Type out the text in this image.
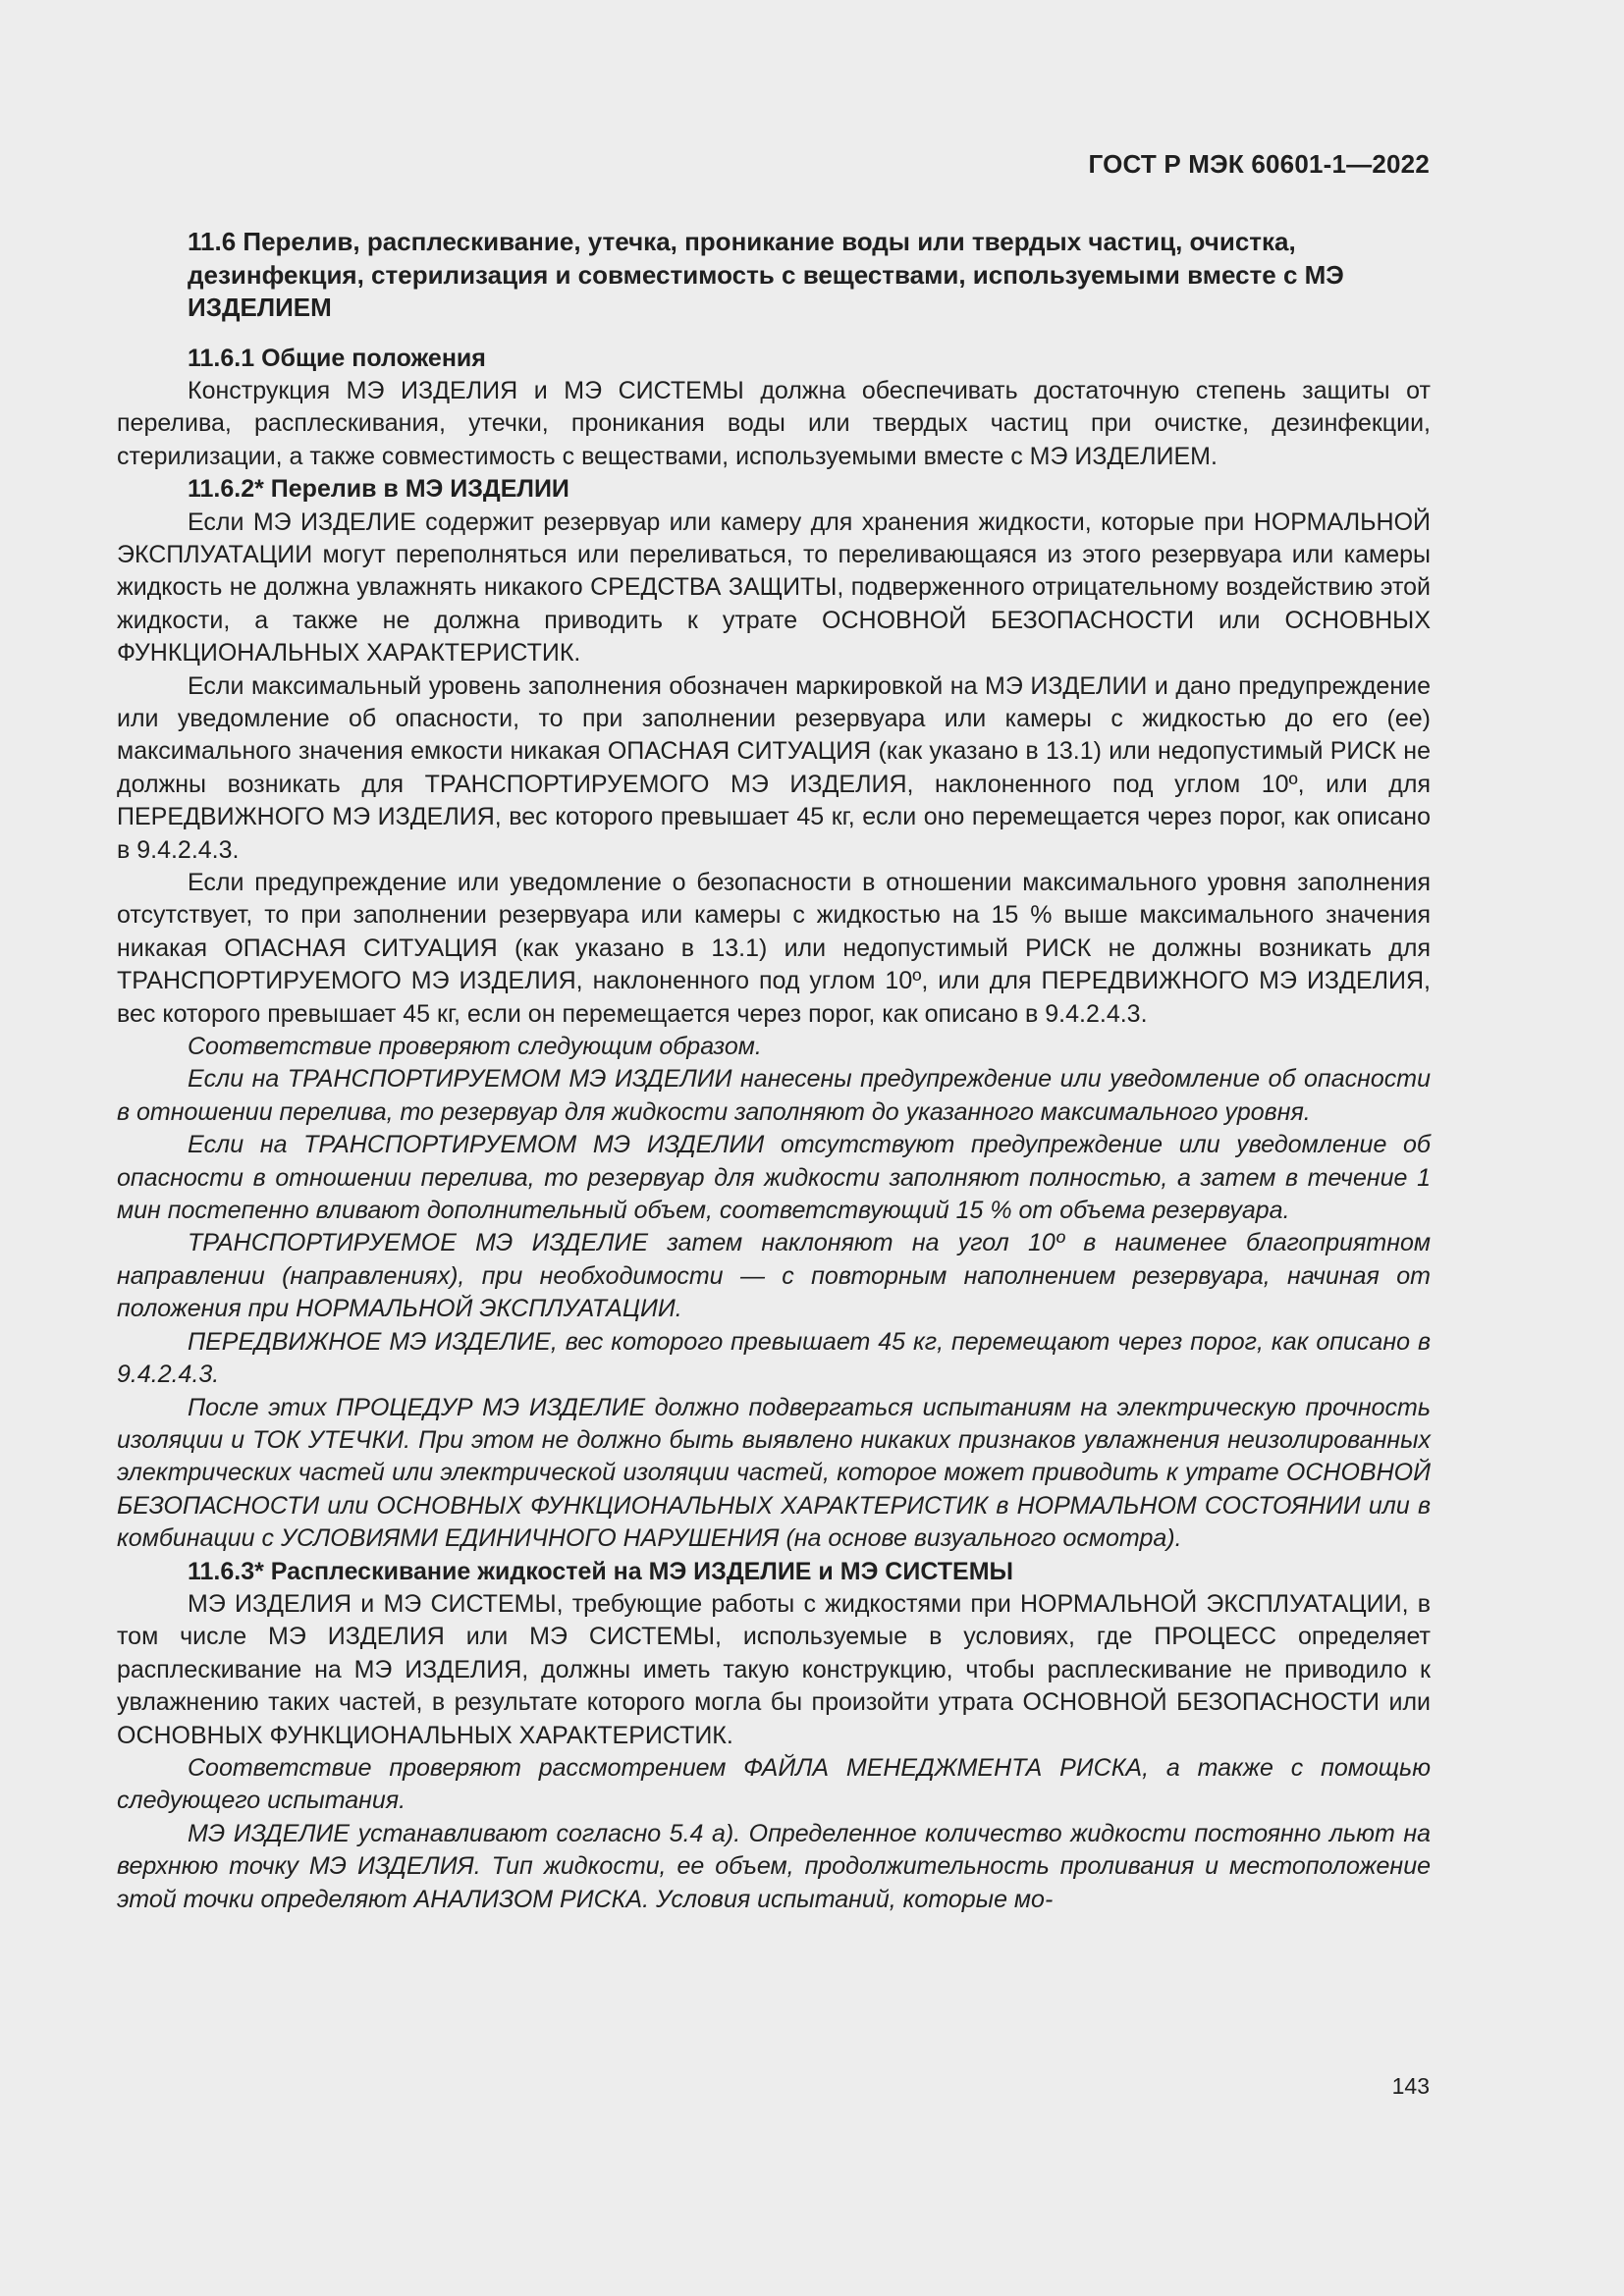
ГОСТ Р МЭК 60601-1—2022

11.6 Перелив, расплескивание, утечка, проникание воды или твердых частиц, очистка, дезинфекция, стерилизация и совместимость с веществами, используемыми вместе с МЭ ИЗДЕЛИЕМ

11.6.1 Общие положения

Конструкция МЭ ИЗДЕЛИЯ и МЭ СИСТЕМЫ должна обеспечивать достаточную степень защиты от перелива, расплескивания, утечки, проникания воды или твердых частиц при очистке, дезинфекции, стерилизации, а также совместимость с веществами, используемыми вместе с МЭ ИЗДЕЛИЕМ.

11.6.2* Перелив в МЭ ИЗДЕЛИИ

Если МЭ ИЗДЕЛИЕ содержит резервуар или камеру для хранения жидкости, которые при НОРМАЛЬНОЙ ЭКСПЛУАТАЦИИ могут переполняться или переливаться, то переливающаяся из этого резервуара или камеры жидкость не должна увлажнять никакого СРЕДСТВА ЗАЩИТЫ, подверженного отрицательному воздействию этой жидкости, а также не должна приводить к утрате ОСНОВНОЙ БЕЗОПАСНОСТИ или ОСНОВНЫХ ФУНКЦИОНАЛЬНЫХ ХАРАКТЕРИСТИК.

Если максимальный уровень заполнения обозначен маркировкой на МЭ ИЗДЕЛИИ и дано предупреждение или уведомление об опасности, то при заполнении резервуара или камеры с жидкостью до его (ее) максимального значения емкости никакая ОПАСНАЯ СИТУАЦИЯ (как указано в 13.1) или недопустимый РИСК не должны возникать для ТРАНСПОРТИРУЕМОГО МЭ ИЗДЕЛИЯ, наклоненного под углом 10º, или для ПЕРЕДВИЖНОГО МЭ ИЗДЕЛИЯ, вес которого превышает 45 кг, если оно перемещается через порог, как описано в 9.4.2.4.3.

Если предупреждение или уведомление о безопасности в отношении максимального уровня заполнения отсутствует, то при заполнении резервуара или камеры с жидкостью на 15 % выше максимального значения никакая ОПАСНАЯ СИТУАЦИЯ (как указано в 13.1) или недопустимый РИСК не должны возникать для ТРАНСПОРТИРУЕМОГО МЭ ИЗДЕЛИЯ, наклоненного под углом 10º, или для ПЕРЕДВИЖНОГО МЭ ИЗДЕЛИЯ, вес которого превышает 45 кг, если он перемещается через порог, как описано в 9.4.2.4.3.

Соответствие проверяют следующим образом.

Если на ТРАНСПОРТИРУЕМОМ МЭ ИЗДЕЛИИ нанесены предупреждение или уведомление об опасности в отношении перелива, то резервуар для жидкости заполняют до указанного максимального уровня.

Если на ТРАНСПОРТИРУЕМОМ МЭ ИЗДЕЛИИ отсутствуют предупреждение или уведомление об опасности в отношении перелива, то резервуар для жидкости заполняют полностью, а затем в течение 1 мин постепенно вливают дополнительный объем, соответствующий 15 % от объема резервуара.

ТРАНСПОРТИРУЕМОЕ МЭ ИЗДЕЛИЕ затем наклоняют на угол 10º в наименее благоприятном направлении (направлениях), при необходимости — с повторным наполнением резервуара, начиная от положения при НОРМАЛЬНОЙ ЭКСПЛУАТАЦИИ.

ПЕРЕДВИЖНОЕ МЭ ИЗДЕЛИЕ, вес которого превышает 45 кг, перемещают через порог, как описано в 9.4.2.4.3.

После этих ПРОЦЕДУР МЭ ИЗДЕЛИЕ должно подвергаться испытаниям на электрическую прочность изоляции и ТОК УТЕЧКИ. При этом не должно быть выявлено никаких признаков увлажнения неизолированных электрических частей или электрической изоляции частей, которое может приводить к утрате ОСНОВНОЙ БЕЗОПАСНОСТИ или ОСНОВНЫХ ФУНКЦИОНАЛЬНЫХ ХАРАКТЕРИСТИК в НОРМАЛЬНОМ СОСТОЯНИИ или в комбинации с УСЛОВИЯМИ ЕДИНИЧНОГО НАРУШЕНИЯ (на основе визуального осмотра).

11.6.3* Расплескивание жидкостей на МЭ ИЗДЕЛИЕ и МЭ СИСТЕМЫ

МЭ ИЗДЕЛИЯ и МЭ СИСТЕМЫ, требующие работы с жидкостями при НОРМАЛЬНОЙ ЭКСПЛУАТАЦИИ, в том числе МЭ ИЗДЕЛИЯ или МЭ СИСТЕМЫ, используемые в условиях, где ПРОЦЕСС определяет расплескивание на МЭ ИЗДЕЛИЯ, должны иметь такую конструкцию, чтобы расплескивание не приводило к увлажнению таких частей, в результате которого могла бы произойти утрата ОСНОВНОЙ БЕЗОПАСНОСТИ или ОСНОВНЫХ ФУНКЦИОНАЛЬНЫХ ХАРАКТЕРИСТИК.

Соответствие проверяют рассмотрением ФАЙЛА МЕНЕДЖМЕНТА РИСКА, а также с помощью следующего испытания.

МЭ ИЗДЕЛИЕ устанавливают согласно 5.4 а). Определенное количество жидкости постоянно льют на верхнюю точку МЭ ИЗДЕЛИЯ. Тип жидкости, ее объем, продолжительность проливания и местоположение этой точки определяют АНАЛИЗОМ РИСКА. Условия испытаний, которые мо-

143
